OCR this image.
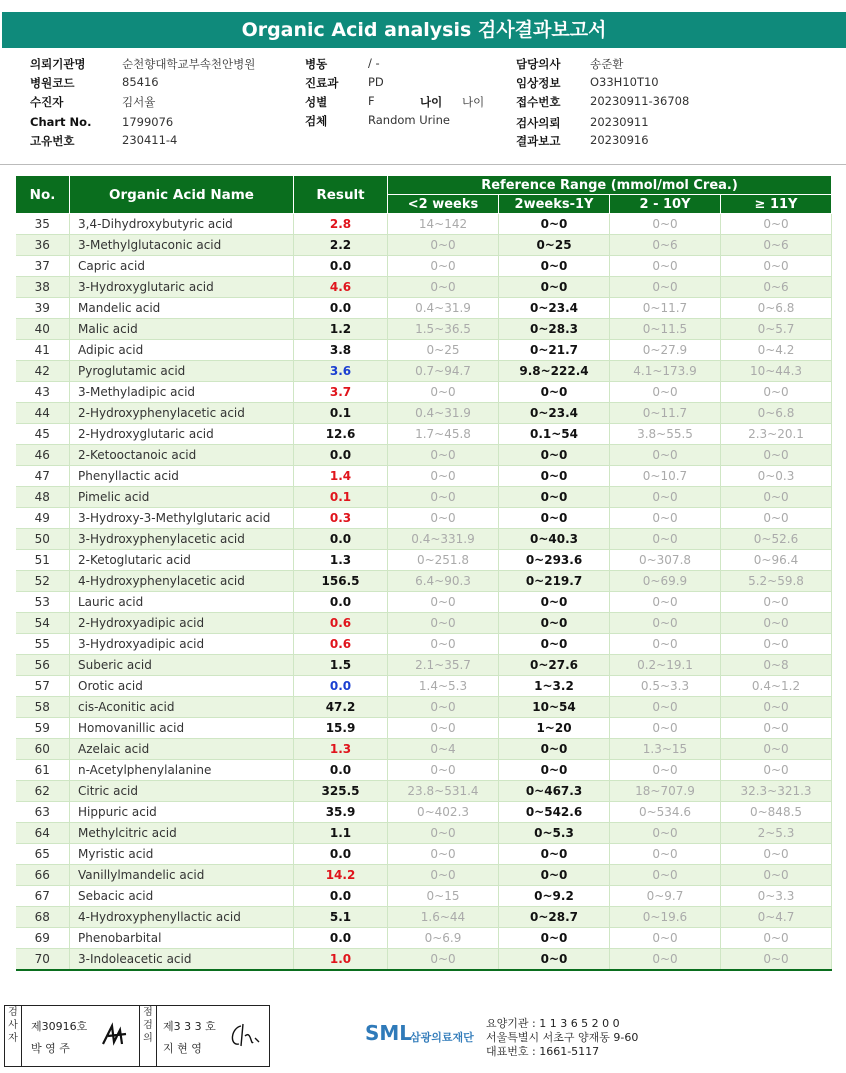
Organic Acid analysis 검사결과보고서
의뢰기관명	순천향대학교부속천안병원
병원코드	85416
수진자	김서율
Chart No.	1799076
고유번호	230411-4
병동	/ -
진료과	PD
성별	F	나이 나이
검체	Random Urine
담당의사	송준환
임상정보	O33H10T10
접수번호	20230911-36708
검사의뢰	20230911
결과보고	20230916
No.	Organic Acid Name	Result	Reference Range (mmol/mol Crea.)			
			<2 weeks	2weeks-1Y	2 - 10Y	≥ 11Y
35	3,4-Dihydroxybutyric acid	2.8	14~142	0~0	0~0	0~0
36	3-Methylglutaconic acid	2.2	0~0	0~25	0~6	0~6
37	Capric acid	0.0	0~0	0~0	0~0	0~0
38	3-Hydroxyglutaric acid	4.6	0~0	0~0	0~0	0~6
39	Mandelic acid	0.0	0.4~31.9	0~23.4	0~11.7	0~6.8
40	Malic acid	1.2	1.5~36.5	0~28.3	0~11.5	0~5.7
41	Adipic acid	3.8	0~25	0~21.7	0~27.9	0~4.2
42	Pyroglutamic acid	3.6	0.7~94.7	9.8~222.4	4.1~173.9	10~44.3
43	3-Methyladipic acid	3.7	0~0	0~0	0~0	0~0
44	2-Hydroxyphenylacetic acid	0.1	0.4~31.9	0~23.4	0~11.7	0~6.8
45	2-Hydroxyglutaric acid	12.6	1.7~45.8	0.1~54	3.8~55.5	2.3~20.1
46	2-Ketooctanoic acid	0.0	0~0	0~0	0~0	0~0
47	Phenyllactic acid	1.4	0~0	0~0	0~10.7	0~0.3
48	Pimelic acid	0.1	0~0	0~0	0~0	0~0
49	3-Hydroxy-3-Methylglutaric acid	0.3	0~0	0~0	0~0	0~0
50	3-Hydroxyphenylacetic acid	0.0	0.4~331.9	0~40.3	0~0	0~52.6
51	2-Ketoglutaric acid	1.3	0~251.8	0~293.6	0~307.8	0~96.4
52	4-Hydroxyphenylacetic acid	156.5	6.4~90.3	0~219.7	0~69.9	5.2~59.8
53	Lauric acid	0.0	0~0	0~0	0~0	0~0
54	2-Hydroxyadipic acid	0.6	0~0	0~0	0~0	0~0
55	3-Hydroxyadipic acid	0.6	0~0	0~0	0~0	0~0
56	Suberic acid	1.5	2.1~35.7	0~27.6	0.2~19.1	0~8
57	Orotic acid	0.0	1.4~5.3	1~3.2	0.5~3.3	0.4~1.2
58	cis-Aconitic acid	47.2	0~0	10~54	0~0	0~0
59	Homovanillic acid	15.9	0~0	1~20	0~0	0~0
60	Azelaic acid	1.3	0~4	0~0	1.3~15	0~0
61	n-Acetylphenylalanine	0.0	0~0	0~0	0~0	0~0
62	Citric acid	325.5	23.8~531.4	0~467.3	18~707.9	32.3~321.3
63	Hippuric acid	35.9	0~402.3	0~542.6	0~534.6	0~848.5
64	Methylcitric acid	1.1	0~0	0~5.3	0~0	2~5.3
65	Myristic acid	0.0	0~0	0~0	0~0	0~0
66	Vanillylmandelic acid	14.2	0~0	0~0	0~0	0~0
67	Sebacic acid	0.0	0~15	0~9.2	0~9.7	0~3.3
68	4-Hydroxyphenyllactic acid	5.1	1.6~44	0~28.7	0~19.6	0~4.7
69	Phenobarbital	0.0	0~6.9	0~0	0~0	0~0
70	3-Indoleacetic acid	1.0	0~0	0~0	0~0	0~0
검사자
제30916호
박 영 주
점검의
제3 3 3 호
지 현 영
SML
삼광의료재단
요양기관 : 1 1 3 6 5 2 0 0
서울특별시 서초구 양재동 9-60
대표번호 : 1661-5117
